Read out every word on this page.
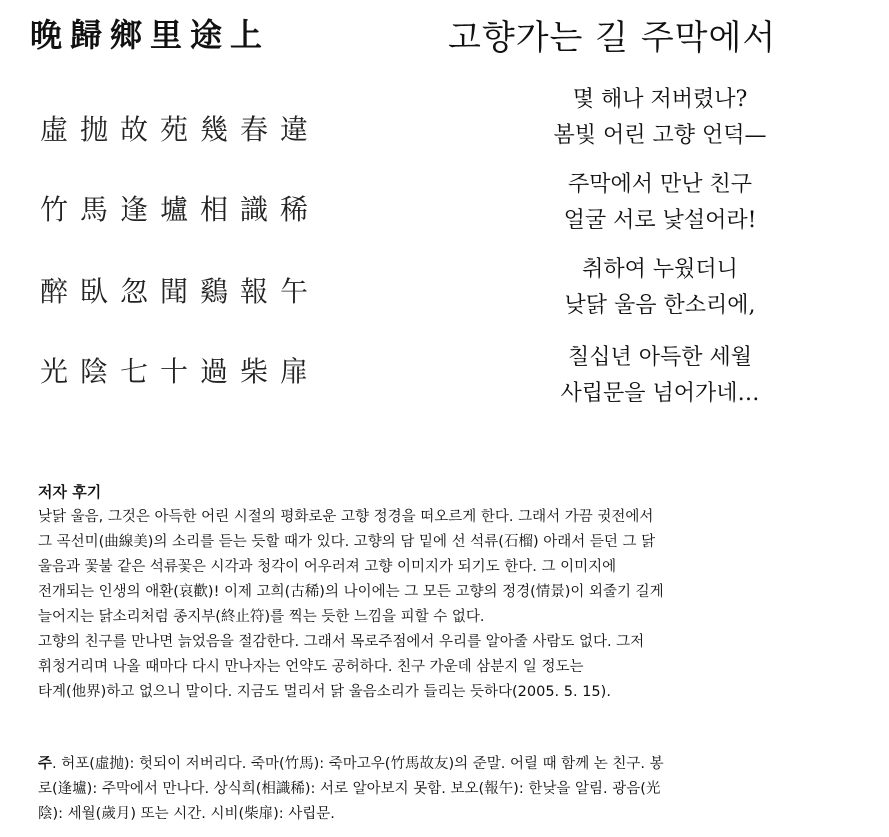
晚歸鄉里途上	고향가는 길 주막에서
虛抛故苑幾春違
몇 해나 저버렸나?
봄빛 어린 고향 언덕—
竹馬逢壚相識稀
주막에서 만난 친구
얼굴 서로 낯설어라!
醉臥忽聞鷄報午
취하여 누웠더니
낮닭 울음 한소리에,
光陰七十過柴扉	칠십년 아득한 세월
사립문을 넘어가네…
저자 후기
낮닭 울음, 그것은 아득한 어린 시절의 평화로운 고향 정경을 떠오르게 한다. 그래서 가끔 귓전에서
그 곡선미(曲線美)의 소리를 듣는 듯할 때가 있다. 고향의 담 밑에 선 석류(石榴) 아래서 듣던 그 닭
울음과 꽃불 같은 석류꽃은 시각과 청각이 어우러져 고향 이미지가 되기도 한다. 그 이미지에
전개되는 인생의 애환(哀歡)! 이제 고희(古稀)의 나이에는 그 모든 고향의 정경(情景)이 외줄기 길게
늘어지는 닭소리처럼 종지부(終止符)를 찍는 듯한 느낌을 피할 수 없다.
고향의 친구를 만나면 늙었음을 절감한다. 그래서 목로주점에서 우리를 알아줄 사람도 없다. 그저
휘청거리며 나올 때마다 다시 만나자는 언약도 공허하다. 친구 가운데 삼분지 일 정도는
타계(他界)하고 없으니 말이다. 지금도 멀리서 닭 울음소리가 들리는 듯하다(2005. 5. 15).
주. 허포(虛抛): 헛되이 저버리다. 죽마(竹馬): 죽마고우(竹馬故友)의 준말. 어릴 때 함께 논 친구. 봉
로(逢壚): 주막에서 만나다. 상식희(相識稀): 서로 알아보지 못함. 보오(報午): 한낮을 알림. 광음(光
陰): 세월(歲月) 또는 시간. 시비(柴扉): 사립문.
